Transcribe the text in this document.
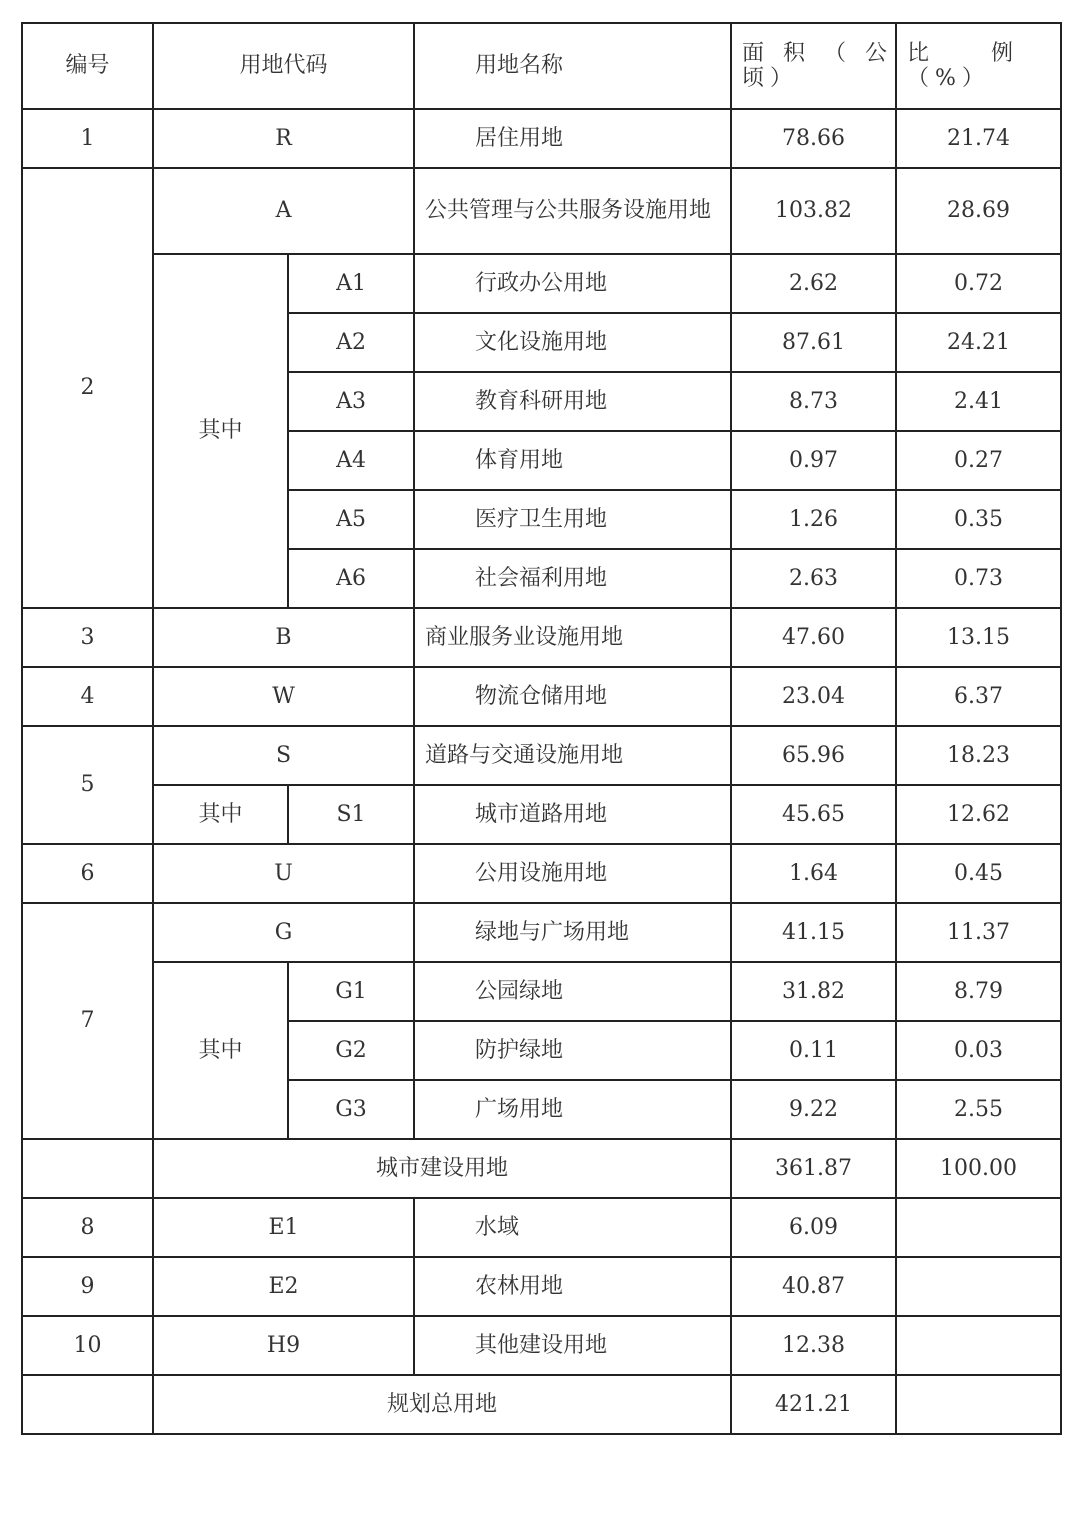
编号	用地代码		用地名称	面 积 （ 公 顷）	比　　例 （%）
1	R		居住用地	78.66	21.74
2	A		公共管理与公共服务设施用地	103.82	28.69
	其中	A1	行政办公用地	2.62	0.72
		A2	文化设施用地	87.61	24.21
		A3	教育科研用地	8.73	2.41
		A4	体育用地	0.97	0.27
		A5	医疗卫生用地	1.26	0.35
		A6	社会福利用地	2.63	0.73
3	B		商业服务业设施用地	47.60	13.15
4	W		物流仓储用地	23.04	6.37
5	S		道路与交通设施用地	65.96	18.23
	其中	S1	城市道路用地	45.65	12.62
6	U		公用设施用地	1.64	0.45
7	G		绿地与广场用地	41.15	11.37
	其中	G1	公园绿地	31.82	8.79
		G2	防护绿地	0.11	0.03
		G3	广场用地	9.22	2.55
	城市建设用地			361.87	100.00
8	E1		水域	6.09	
9	E2		农林用地	40.87	
10	H9		其他建设用地	12.38	
	规划总用地			421.21	
